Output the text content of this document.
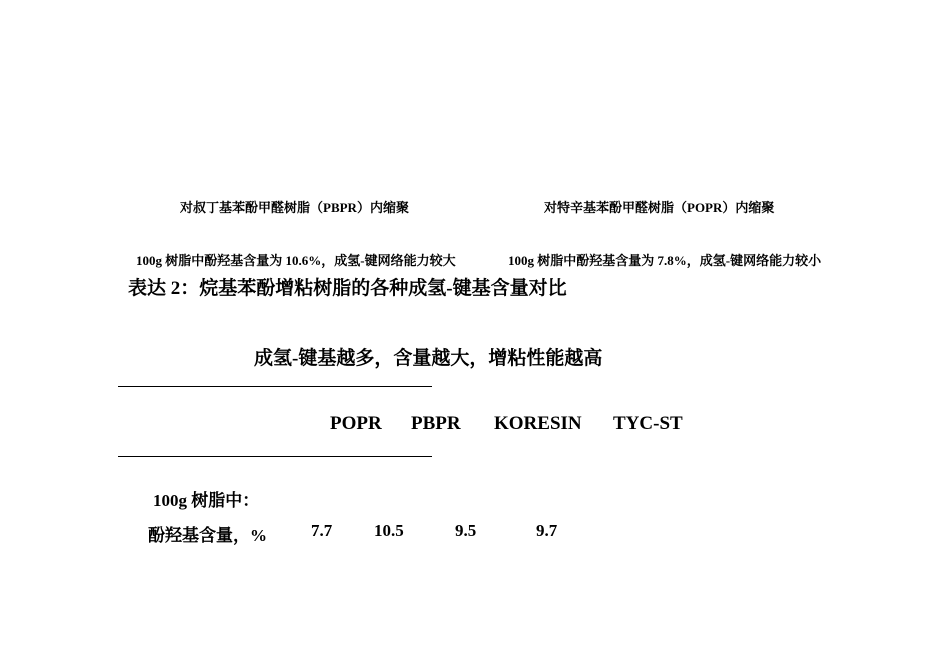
对叔丁基苯酚甲醛树脂（PBPR）内缩聚	对特辛基苯酚甲醛树脂（POPR）内缩聚
100g 树脂中酚羟基含量为 10.6%，成氢-键网络能力较大	100g 树脂中酚羟基含量为 7.8%，成氢-键网络能力较小
表达 2：烷基苯酚增粘树脂的各种成氢-键基含量对比
成氢-键基越多，含量越大，增粘性能越高
POPR PBPR KORESIN TYC-ST
100g 树脂中：
酚羟基含量，%	7.7 10.5	9.5	9.7
